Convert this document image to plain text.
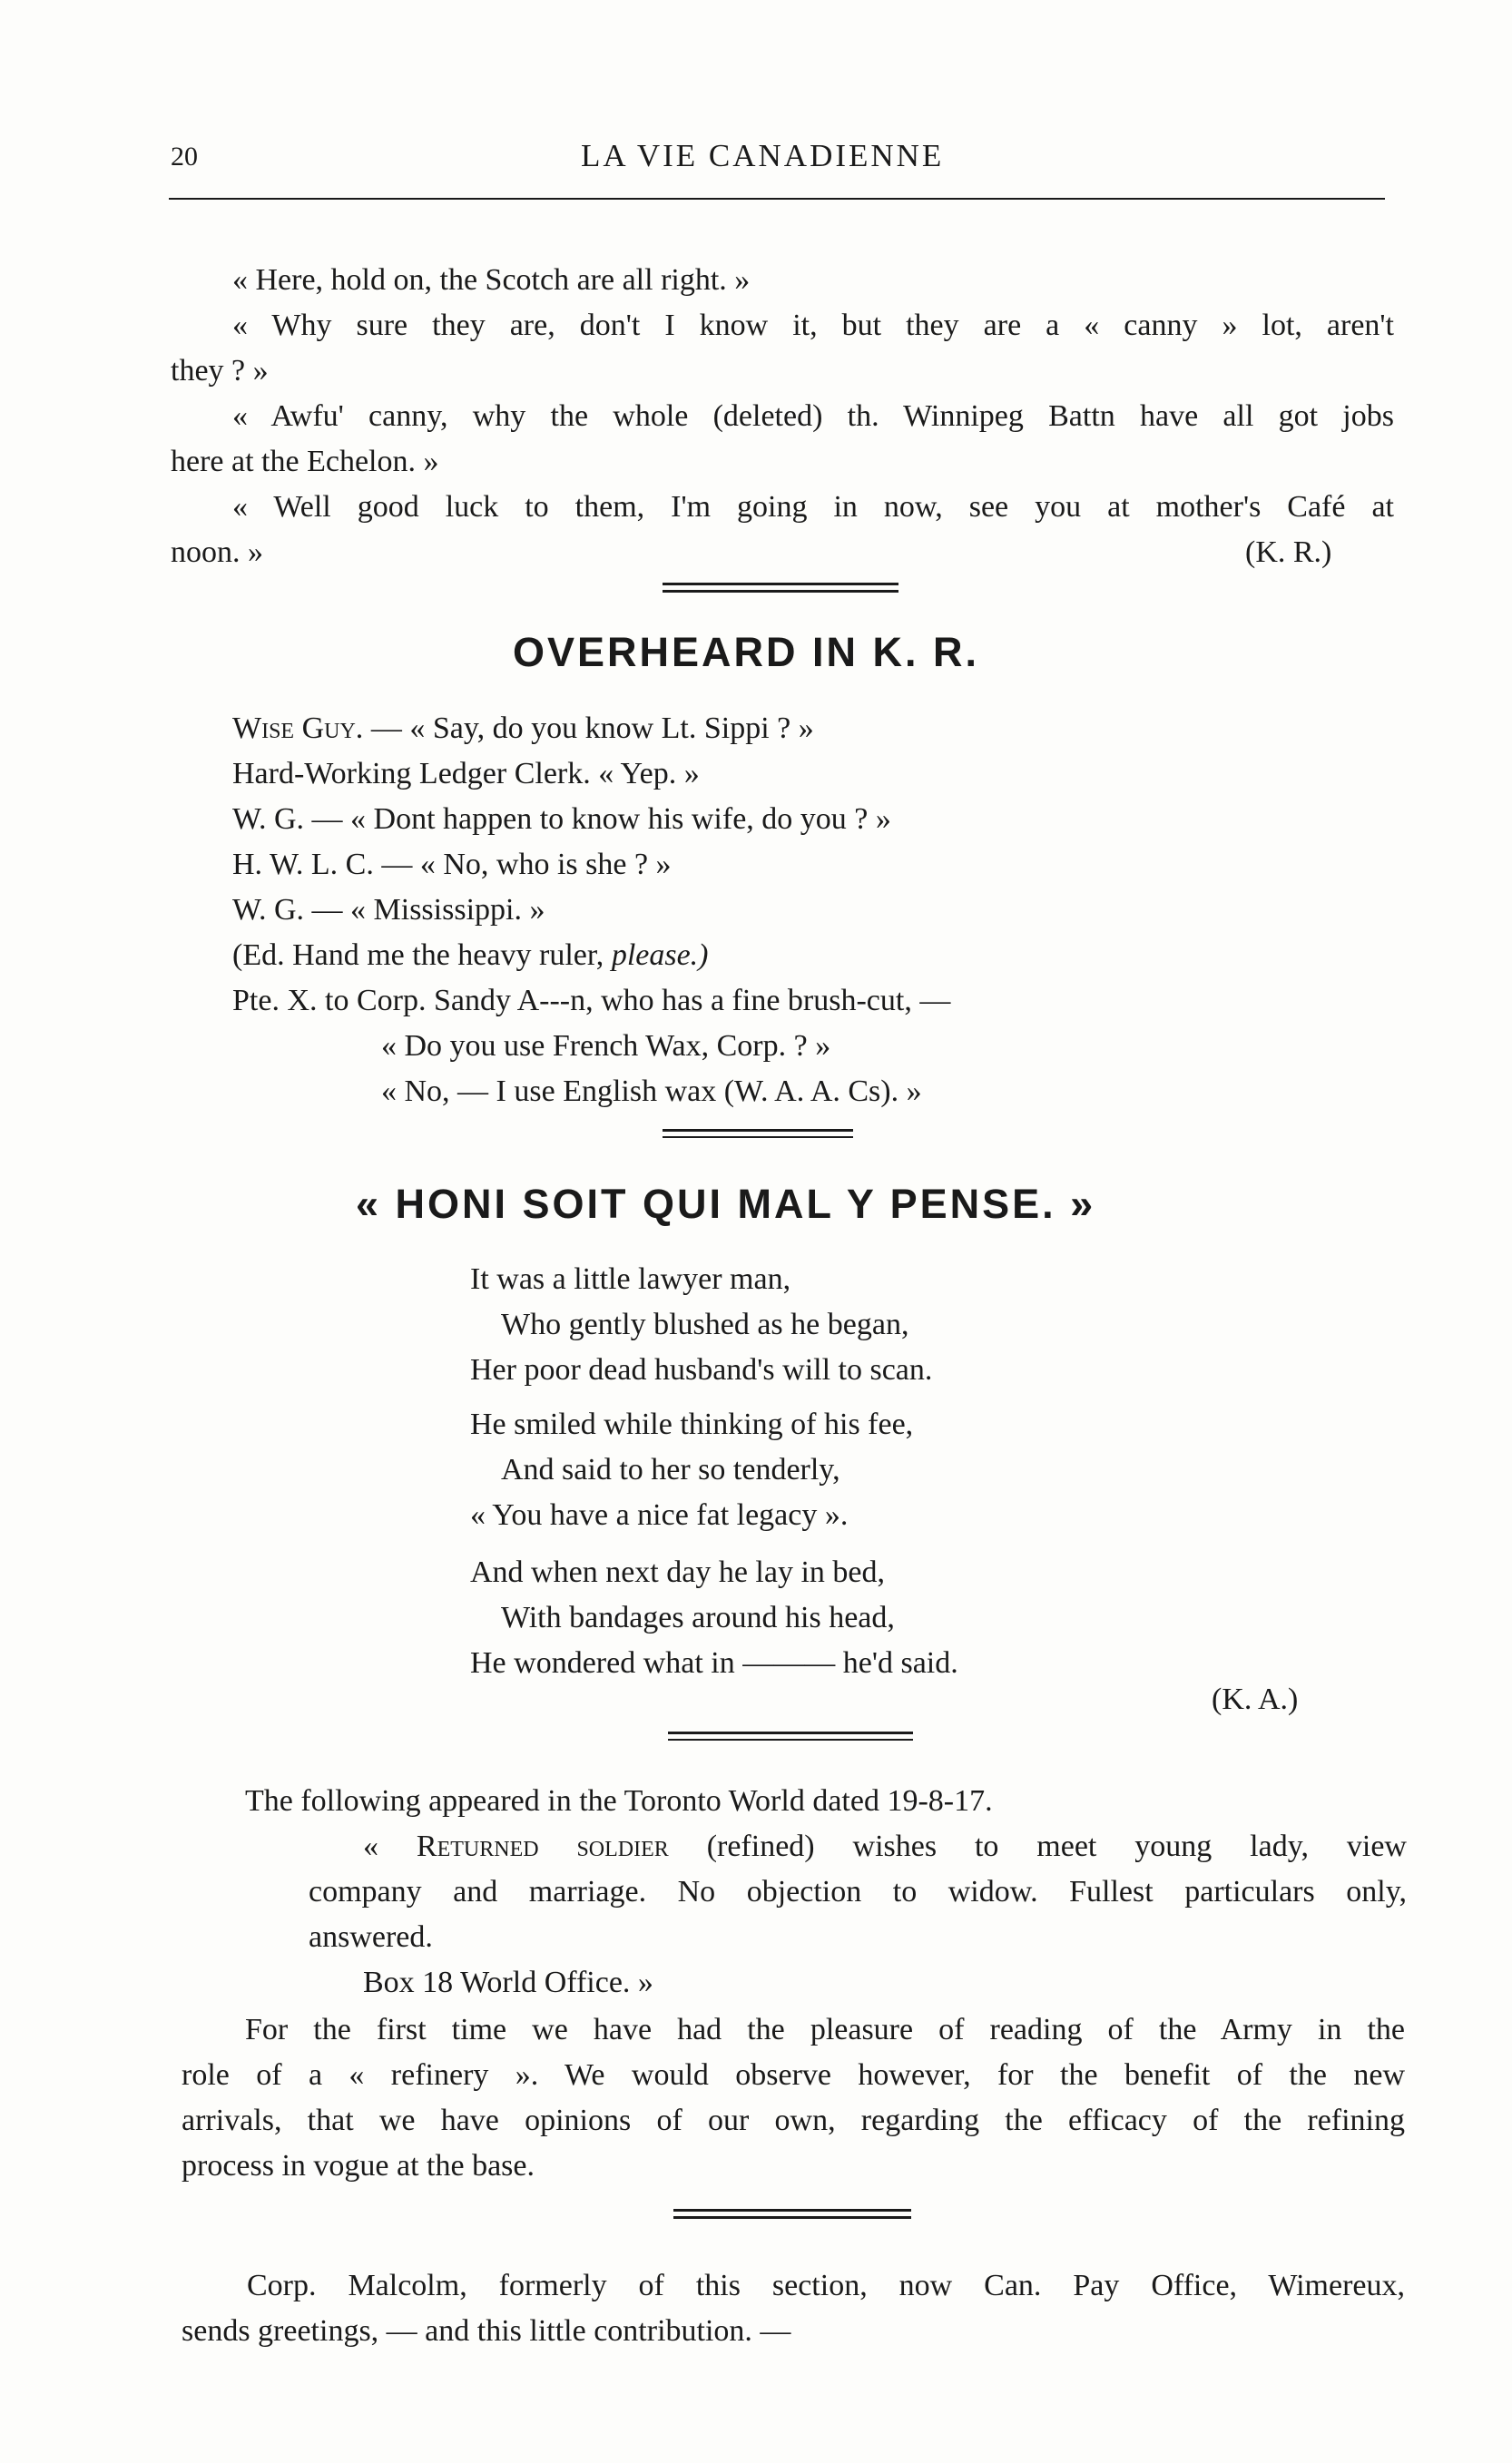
20	LA VIE CANADIENNE
« Here, hold on, the Scotch are all right. »
« Why sure they are, don't I know it, but they are a « canny » lot, aren't
they ? »
« Awfu' canny, why the whole (deleted) th. Winnipeg Battn have all got jobs
here at the Echelon. »
« Well good luck to them, I'm going in now, see you at mother's Café at
noon. »	(K. R.)
OVERHEARD IN K. R.
Wise Guy. — « Say, do you know Lt. Sippi ? »
Hard-Working Ledger Clerk. « Yep. »
W. G. — « Dont happen to know his wife, do you ? »
H. W. L. C. — « No, who is she ? »
W. G. — « Mississippi. »
(Ed. Hand me the heavy ruler, please.)
Pte. X. to Corp. Sandy A---n, who has a fine brush-cut, —
« Do you use French Wax, Corp. ? »
« No, — I use English wax (W. A. A. Cs). »
« HONI SOIT QUI MAL Y PENSE. »
It was a little lawyer man,
Who gently blushed as he began,
Her poor dead husband's will to scan.
He smiled while thinking of his fee,
And said to her so tenderly,
« You have a nice fat legacy ».
And when next day he lay in bed,
With bandages around his head,
He wondered what in ——— he'd said.
(K. A.)
The following appeared in the Toronto World dated 19-8-17.
« Returned soldier (refined) wishes to meet young lady, view
company and marriage. No objection to widow. Fullest particulars only,
answered.
Box 18 World Office. »
For the first time we have had the pleasure of reading of the Army in the
role of a « refinery ». We would observe however, for the benefit of the new
arrivals, that we have opinions of our own, regarding the efficacy of the refining
process in vogue at the base.
Corp. Malcolm, formerly of this section, now Can. Pay Office, Wimereux,
sends greetings, — and this little contribution. —
